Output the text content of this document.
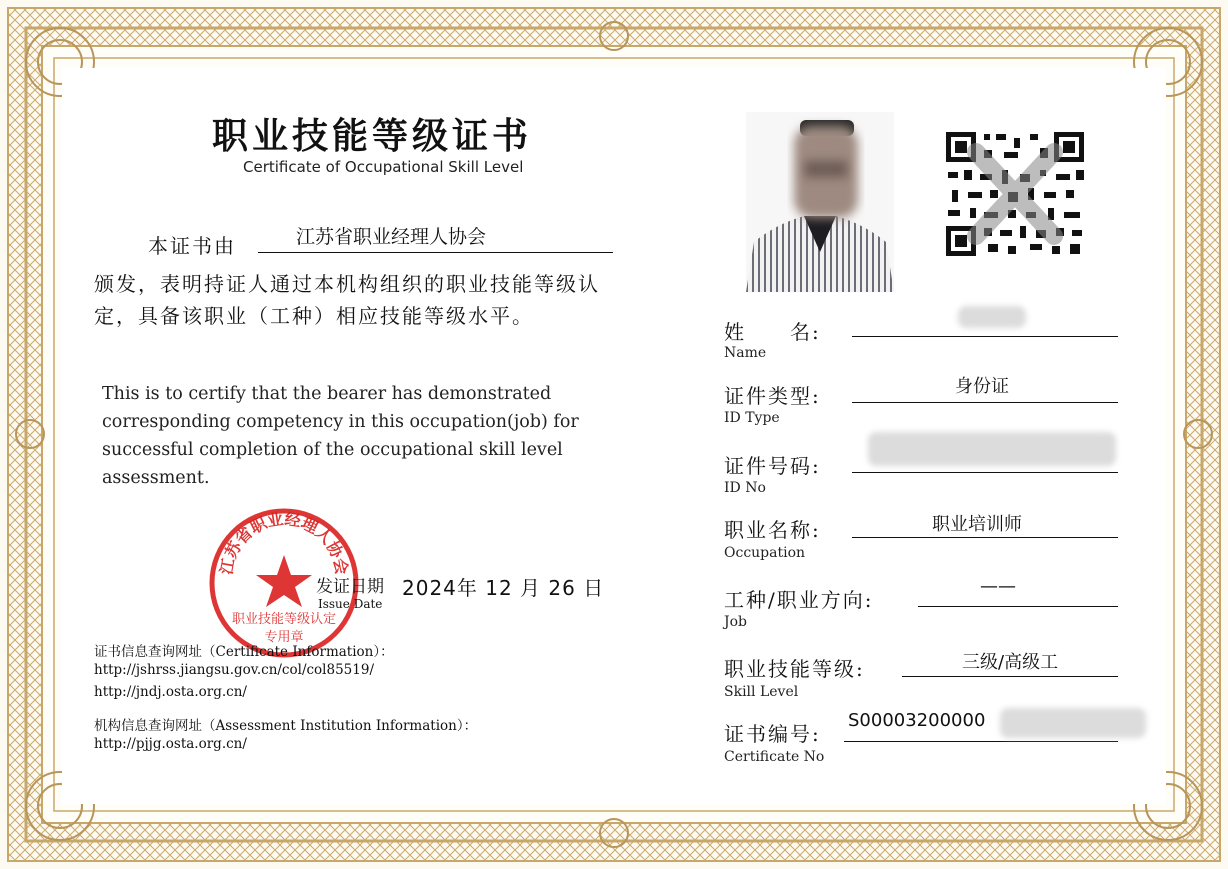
职业技能等级证书
Certificate of Occupational Skill Level
本证书由	江苏省职业经理人协会
颁发，表明持证人通过本机构组织的职业技能等级认定，具备该职业（工种）相应技能等级水平。
This is to certify that the bearer has demonstrated corresponding competency in this occupation(job) for successful completion of the occupational skill level assessment.
江苏省职业经理人协会
职业技能等级认定
专用章
发证日期
Issue Date
2024年 12 月 26 日
证书信息查询网址（Certificate Information）：
http://jshrss.jiangsu.gov.cn/col/col85519/
http://jndj.osta.org.cn/
机构信息查询网址（Assessment Institution Information）：
http://pjjg.osta.org.cn/
姓　　名:
Name
证件类型:
ID Type
身份证
证件号码:
ID No
职业名称:
Occupation
职业培训师
工种/职业方向:
Job
——
职业技能等级:
Skill Level
三级/高级工
证书编号:
Certificate No
S00003200000
